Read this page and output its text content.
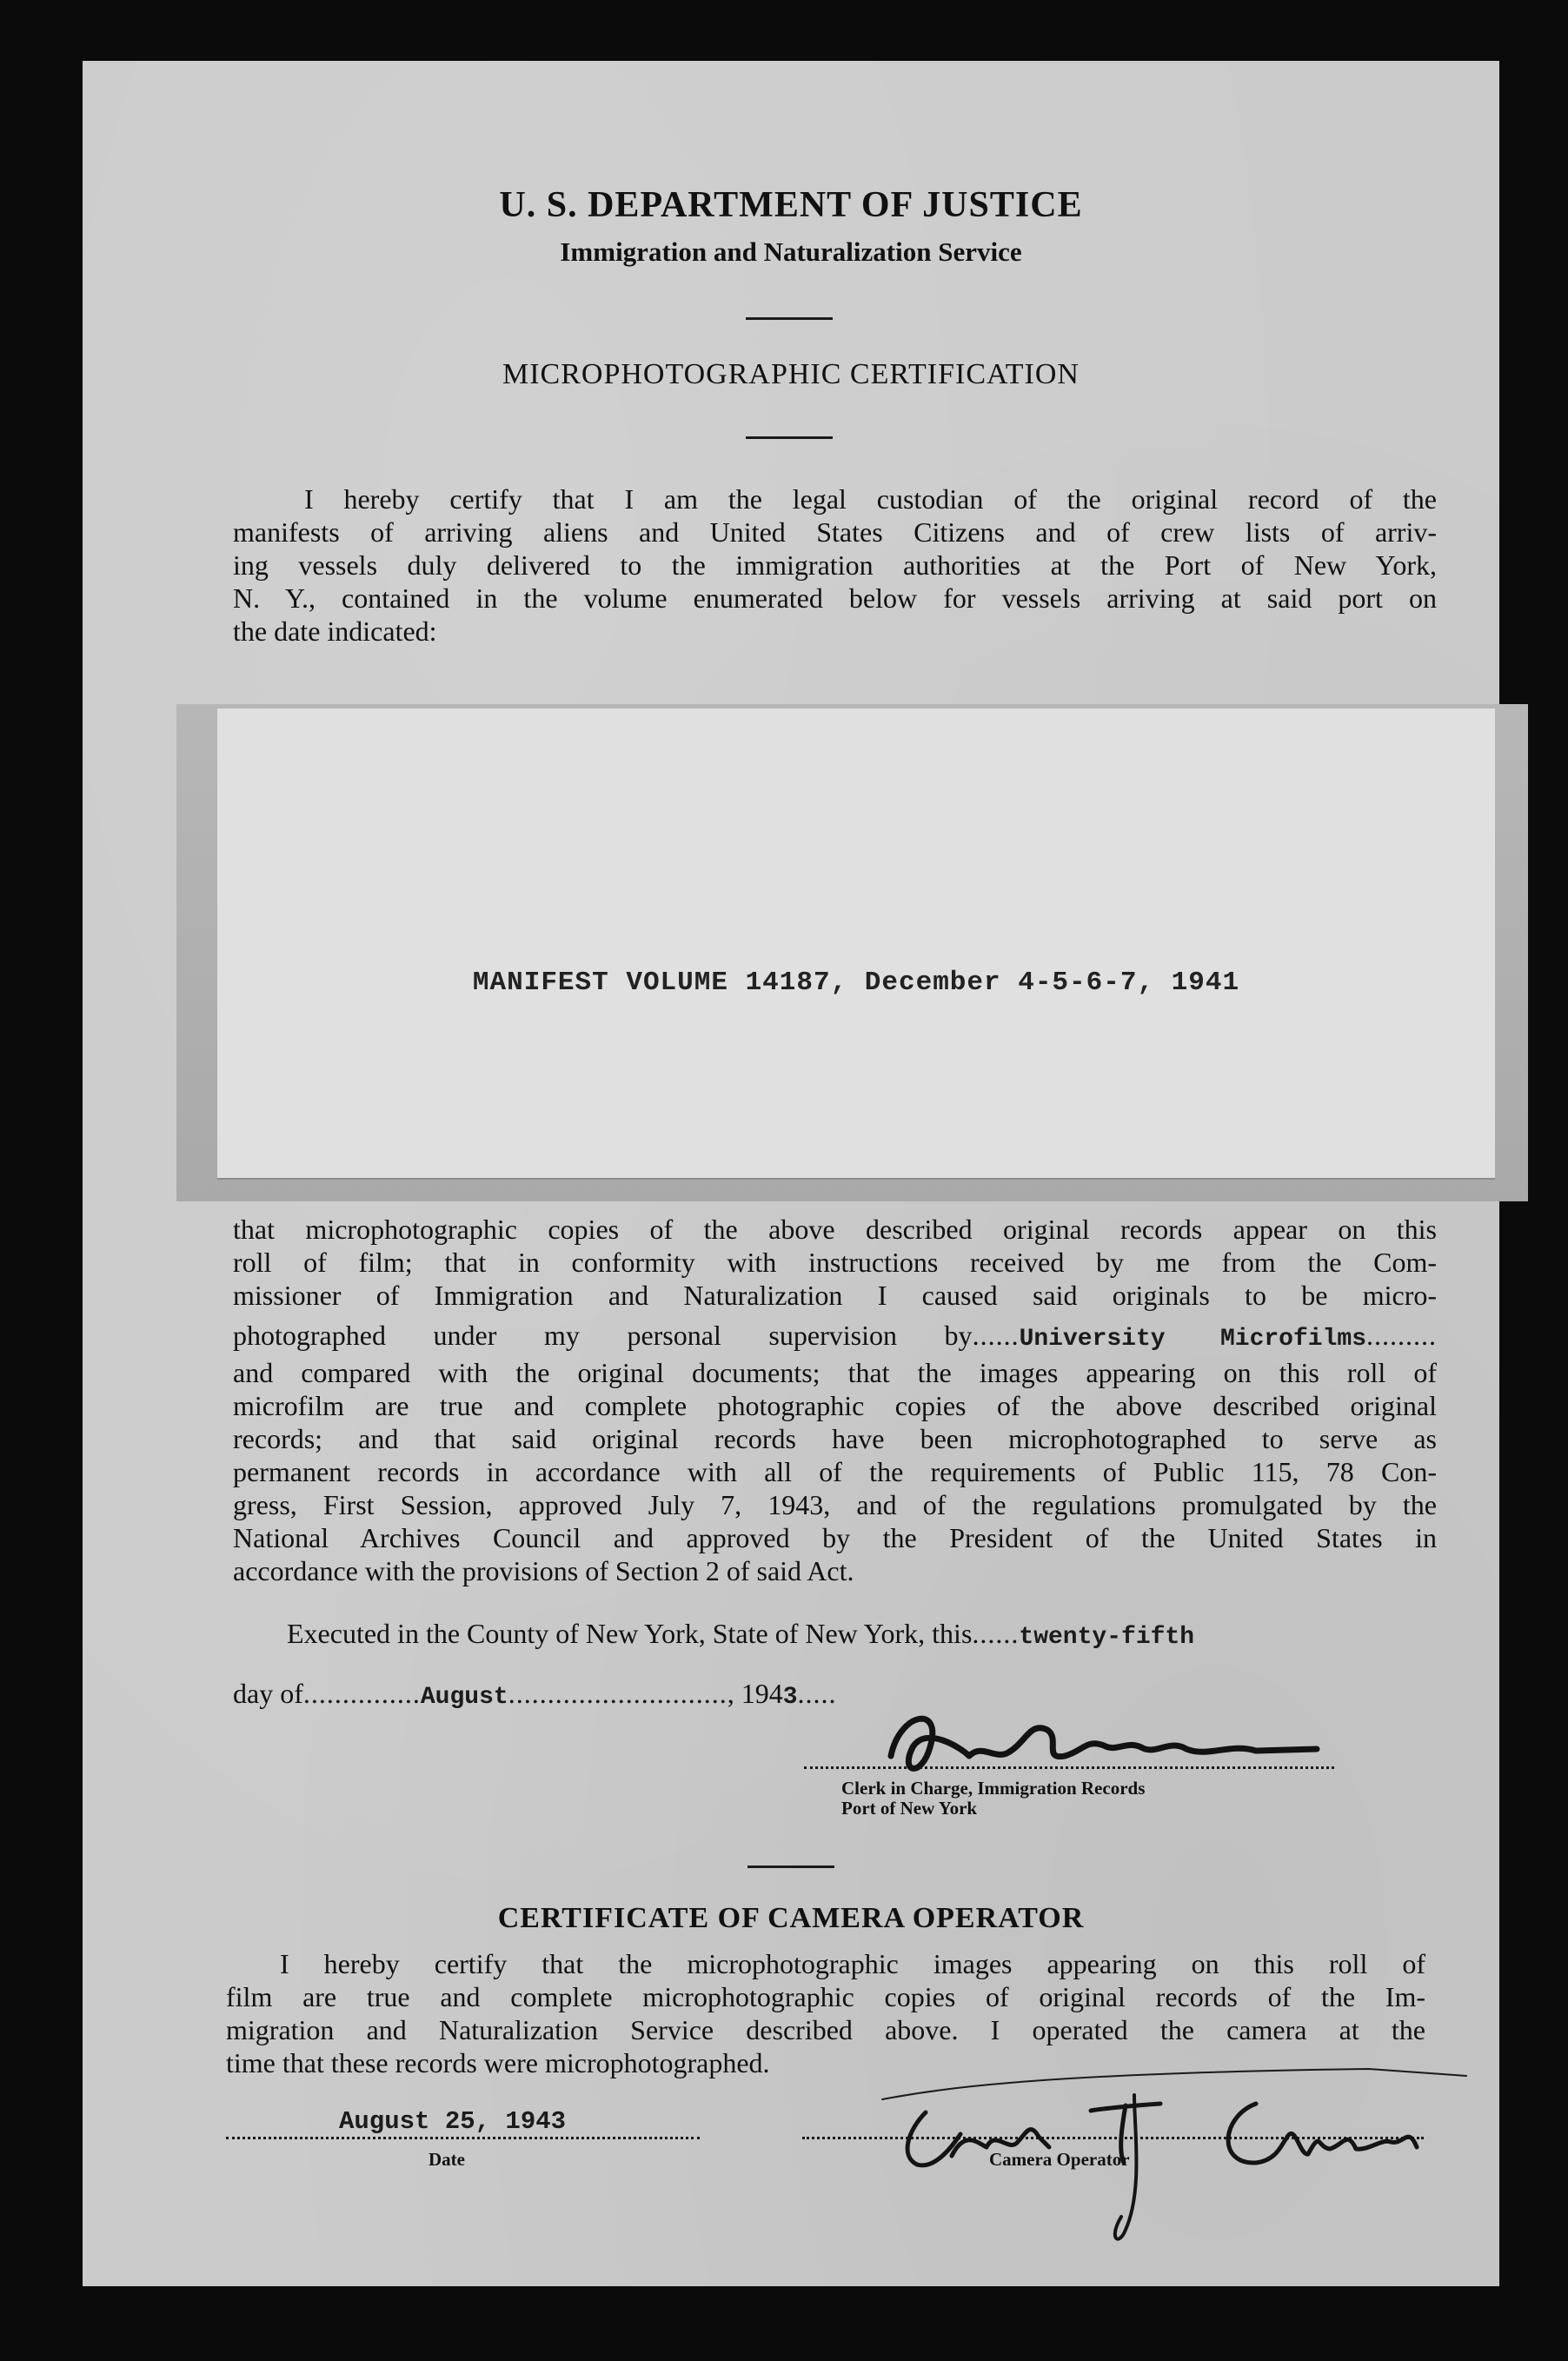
U. S. DEPARTMENT OF JUSTICE
Immigration and Naturalization Service
MICROPHOTOGRAPHIC CERTIFICATION
I hereby certify that I am the legal custodian of the original record of the
manifests of arriving aliens and United States Citizens and of crew lists of arriv-
ing vessels duly delivered to the immigration authorities at the Port of New York,
N. Y., contained in the volume enumerated below for vessels arriving at said port on
the date indicated:
MANIFEST VOLUME 14187, December 4-5-6-7, 1941
that microphotographic copies of the above described original records appear on this
roll of film; that in conformity with instructions received by me from the Com-
missioner of Immigration and Naturalization I caused said originals to be micro-
photographed under my personal supervision by......University Microfilms.........
and compared with the original documents; that the images appearing on this roll of
microfilm are true and complete photographic copies of the above described original
records; and that said original records have been microphotographed to serve as
permanent records in accordance with all of the requirements of Public 115, 78 Con-
gress, First Session, approved July 7, 1943, and of the regulations promulgated by the
National Archives Council and approved by the President of the United States in
accordance with the provisions of Section 2 of said Act.
Executed in the County of New York, State of New York, this......twenty-fifth
day of...............August............................, 1943.....
Clerk in Charge, Immigration Records
Port of New York
CERTIFICATE OF CAMERA OPERATOR
I hereby certify that the microphotographic images appearing on this roll of
film are true and complete microphotographic copies of original records of the Im-
migration and Naturalization Service described above. I operated the camera at the
time that these records were microphotographed.
August 25, 1943
Date	Camera Operator
